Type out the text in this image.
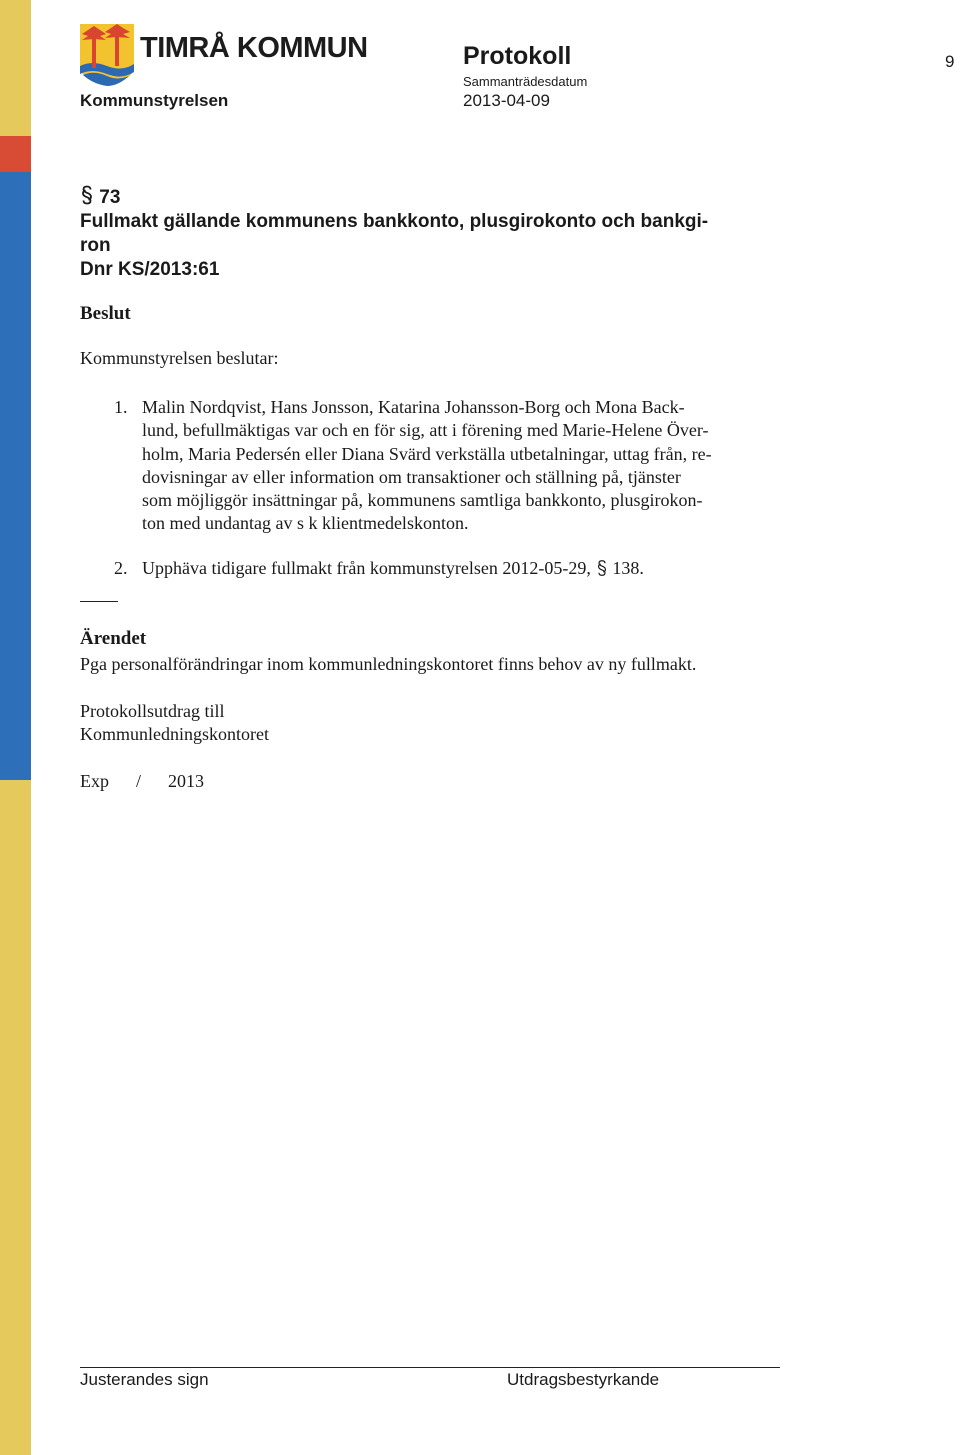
TIMRÅ KOMMUN
Kommunstyrelsen
Protokoll
Sammanträdesdatum
2013-04-09
9
73
Fullmakt gällande kommunens bankkonto, plusgirokonto och bankgi-
ron
Dnr KS/2013:61
Beslut
Kommunstyrelsen beslutar:
1. Malin Nordqvist, Hans Jonsson, Katarina Johansson-Borg och Mona Back-
lund, befullmäktigas var och en för sig, att i förening med Marie-Helene Över-
holm, Maria Pedersén eller Diana Svärd verkställa utbetalningar, uttag från, re-
dovisningar av eller information om transaktioner och ställning på, tjänster
som möjliggör insättningar på, kommunens samtliga bankkonto, plusgirokon-
ton med undantag av s k klientmedelskonton.
2. Upphäva tidigare fullmakt från kommunstyrelsen 2012-05-29, 138.
Ärendet
Pga personalförändringar inom kommunledningskontoret finns behov av ny fullmakt.
Protokollsutdrag till
Kommunledningskontoret
Exp      /      2013
Justerandes sign	Utdragsbestyrkande
